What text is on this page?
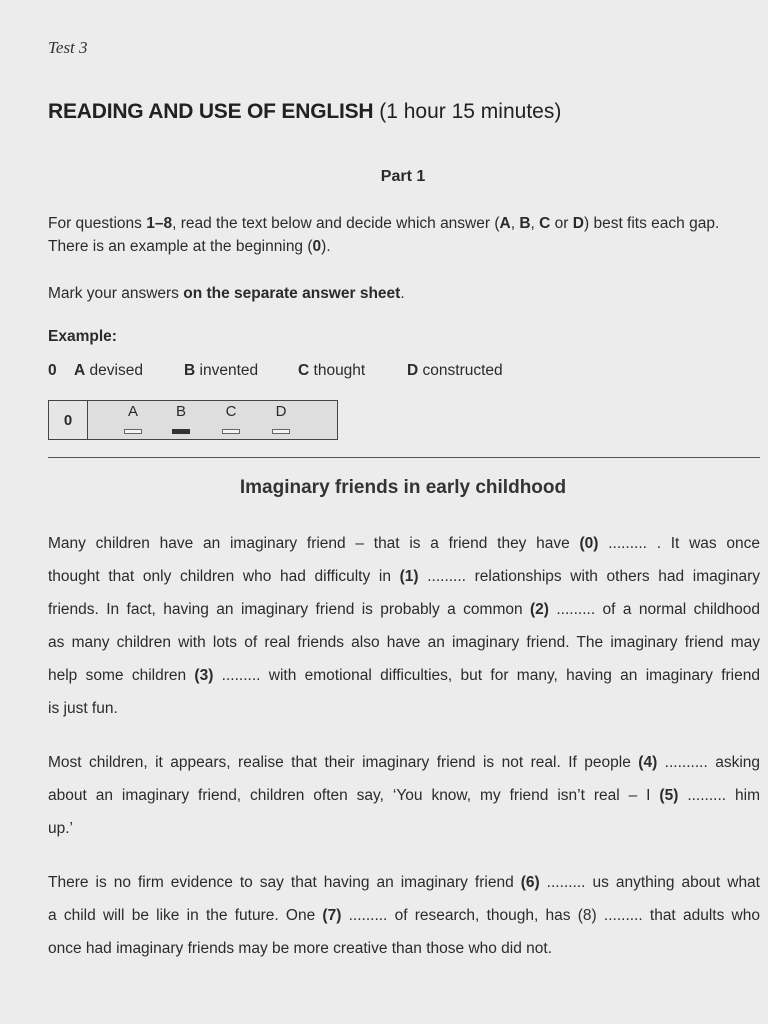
Test 3
READING AND USE OF ENGLISH (1 hour 15 minutes)
Part 1
For questions 1–8, read the text below and decide which answer (A, B, C or D) best fits each gap.
There is an example at the beginning (0).
Mark your answers on the separate answer sheet.
Example:
0 A devised	B invented	C thought	D constructed
0	A	B	C	D
Imaginary friends in early childhood
Many children have an imaginary friend – that is a friend they have (0) ......... . It was once
thought that only children who had difficulty in (1) ......... relationships with others had imaginary
friends. In fact, having an imaginary friend is probably a common (2) ......... of a normal childhood
as many children with lots of real friends also have an imaginary friend. The imaginary friend may
help some children (3) ......... with emotional difficulties, but for many, having an imaginary friend
is just fun.
Most children, it appears, realise that their imaginary friend is not real. If people (4) .......... asking
about an imaginary friend, children often say, ‘You know, my friend isn’t real – I (5) ......... him
up.’
There is no firm evidence to say that having an imaginary friend (6) ......... us anything about what
a child will be like in the future. One (7) ......... of research, though, has (8) ......... that adults who
once had imaginary friends may be more creative than those who did not.
